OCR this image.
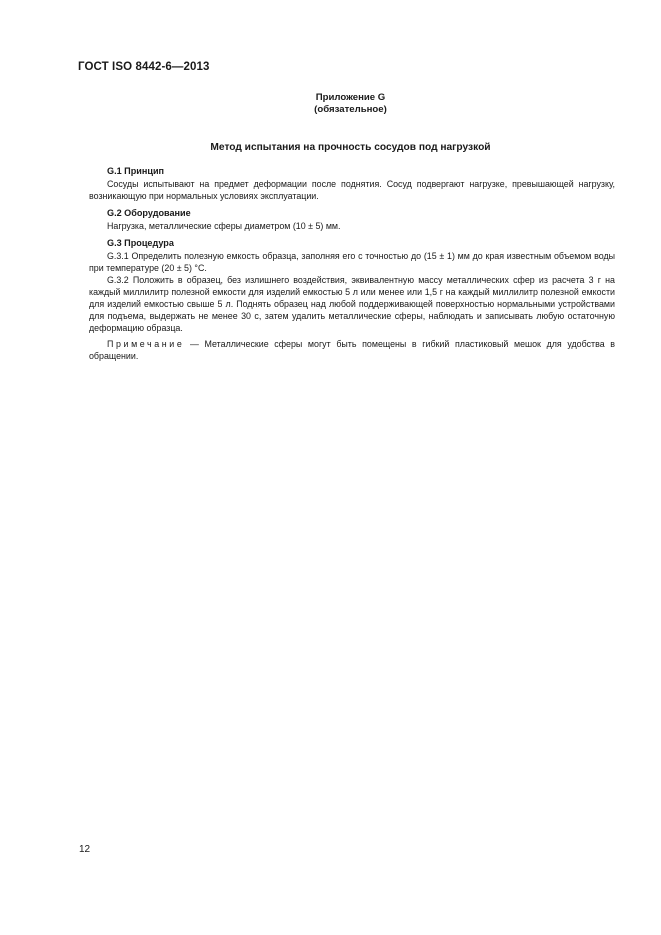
ГОСТ ISO 8442-6—2013
Приложение G
(обязательное)
Метод испытания на прочность сосудов под нагрузкой
G.1 Принцип

Сосуды испытывают на предмет деформации после поднятия. Сосуд подвергают нагрузке, превышающей нагрузку, возникающую при нормальных условиях эксплуатации.

G.2 Оборудование

Нагрузка, металлические сферы диаметром (10 ± 5) мм.

G.3 Процедура

G.3.1 Определить полезную емкость образца, заполняя его с точностью до (15 ± 1) мм до края известным объемом воды при температуре (20 ± 5) °С.

G.3.2 Положить в образец, без излишнего воздействия, эквивалентную массу металлических сфер из расчета 3 г на каждый миллилитр полезной емкости для изделий емкостью 5 л или менее или 1,5 г на каждый миллилитр полезной емкости для изделий емкостью свыше 5 л. Поднять образец над любой поддерживающей поверхностью нормальными устройствами для подъема, выдержать не менее 30 с, затем удалить металлические сферы, наблюдать и записывать любую остаточную деформацию образца.

Примечание — Металлические сферы могут быть помещены в гибкий пластиковый мешок для удобства в обращении.

12
